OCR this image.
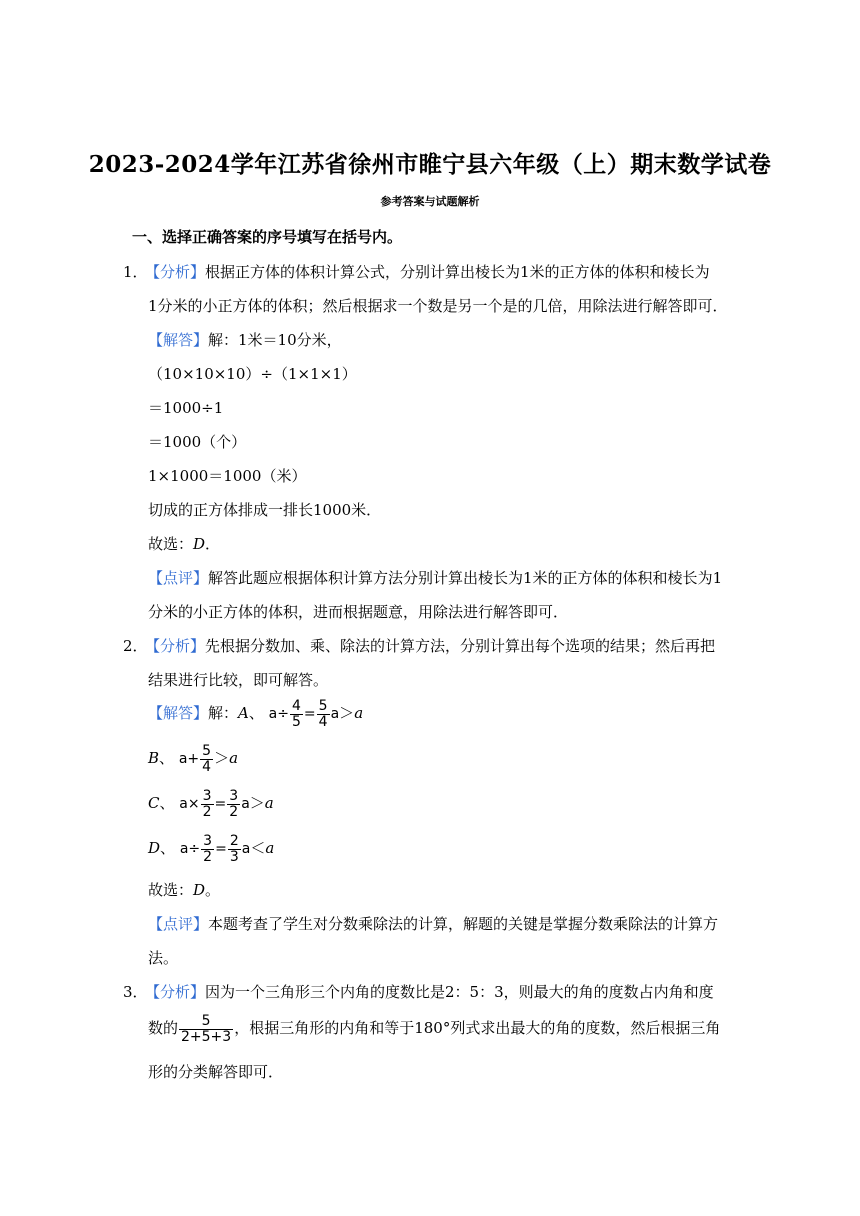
2023-2024学年江苏省徐州市睢宁县六年级（上）期末数学试卷
参考答案与试题解析
一、选择正确答案的序号填写在括号内。
1．【分析】根据正方体的体积计算公式，分别计算出棱长为1米的正方体的体积和棱长为
1分米的小正方体的体积；然后根据求一个数是另一个是的几倍，用除法进行解答即可．
【解答】解：1米＝10分米，
（10×10×10）÷（1×1×1）
＝1000÷1
＝1000（个）
1×1000＝1000（米）
切成的正方体排成一排长1000米．
故选：D．
【点评】解答此题应根据体积计算方法分别计算出棱长为1米的正方体的体积和棱长为1
分米的小正方体的体积，进而根据题意，用除法进行解答即可．
2．【分析】先根据分数加、乘、除法的计算方法，分别计算出每个选项的结果；然后再把
结果进行比较，即可解答。
【解答】解：A、 $a\div \frac{4}{5} = \frac{5}{4} a>a$
B、 $a+ \frac{5}{4} >a$
C、 $a\times \frac{3}{2} = \frac{3}{2} a>a$
D、 $a\div \frac{3}{2} = \frac{2}{3} a<a$
故选：D。
【点评】本题考查了学生对分数乘除法的计算，解题的关键是掌握分数乘除法的计算方
法。
3．【分析】因为一个三角形三个内角的度数比是2：5：3，则最大的角的度数占内角和度
数的 $\frac{5}{2+5+3}$ ，根据三角形的内角和等于180°列式求出最大的角的度数，然后根据三角
形的分类解答即可．
